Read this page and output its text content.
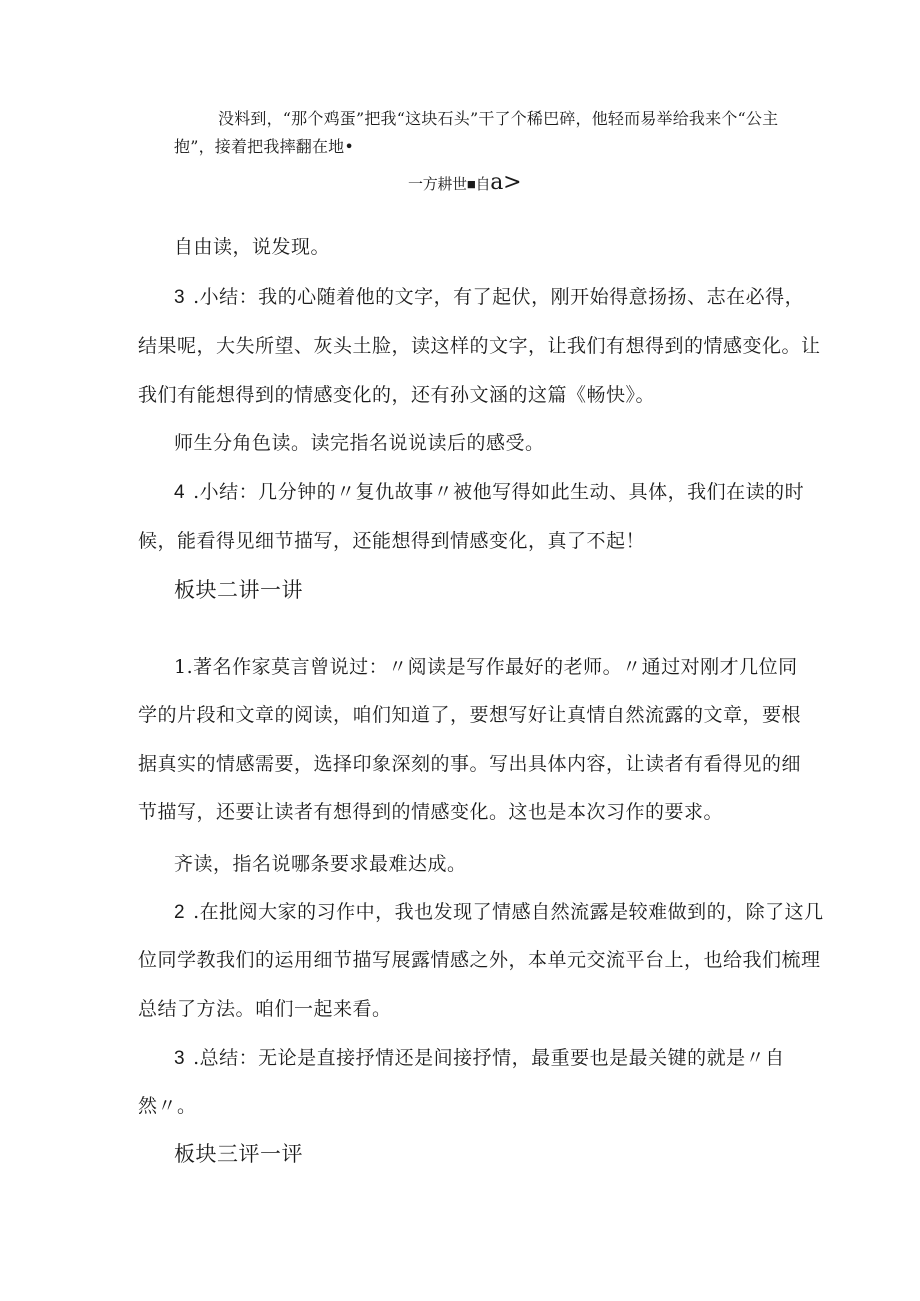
没料到，“那个鸡蛋”把我“这块石头”干了个稀巴碎，他轻而易举给我来个“公主
抱”，接着把我摔翻在地•
一方耕世■自a>
自由读，说发现。
3 .小结：我的心随着他的文字，有了起伏，刚开始得意扬扬、志在必得，
结果呢，大失所望、灰头土脸，读这样的文字，让我们有想得到的情感变化。让
我们有能想得到的情感变化的，还有孙文涵的这篇《畅快》。
师生分角色读。读完指名说说读后的感受。
4 .小结：几分钟的〃复仇故事〃被他写得如此生动、具体，我们在读的时
候，能看得见细节描写，还能想得到情感变化，真了不起！
板块二讲一讲
1.著名作家莫言曾说过：〃阅读是写作最好的老师。〃通过对刚才几位同
学的片段和文章的阅读，咱们知道了，要想写好让真情自然流露的文章，要根
据真实的情感需要，选择印象深刻的事。写出具体内容，让读者有看得见的细
节描写，还要让读者有想得到的情感变化。这也是本次习作的要求。
齐读，指名说哪条要求最难达成。
2 .在批阅大家的习作中，我也发现了情感自然流露是较难做到的，除了这几
位同学教我们的运用细节描写展露情感之外，本单元交流平台上，也给我们梳理
总结了方法。咱们一起来看。
3 .总结：无论是直接抒情还是间接抒情，最重要也是最关键的就是〃自
然〃。
板块三评一评
